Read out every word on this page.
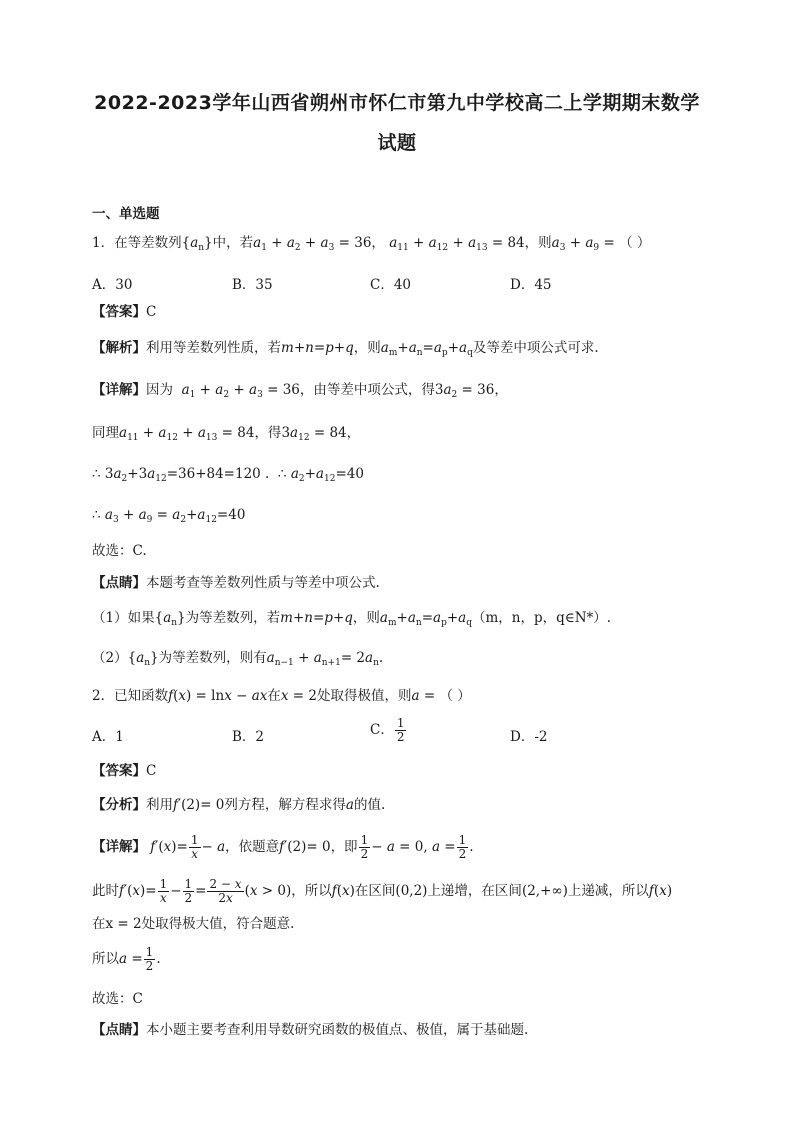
2022-2023学年山西省朔州市怀仁市第九中学校高二上学期期末数学
试题
一、单选题
1．在等差数列$\{a_n\}$中，若$a_1 + a_2 + a_3 = 36$， $a_{11} + a_{12} + a_{13} = 84$，则$a_3 + a_9$ = （ ）
A．30	B．35	C．40	D．45
【答案】C
【解析】利用等差数列性质，若m+n=p+q，则$a_m+a_n=a_p+a_q$及等差中项公式可求.
【详解】因为 $a_1 + a_2 + a_3 = 36$，由等差中项公式，得$3a_2 = 36$，
同理$a_{11} + a_{12} + a_{13} = 84$，得$3a_{12} = 84$，
∴ $3a_2+3a_{12}=36+84=120$ .  ∴ $a_2+a_{12}=40$
∴ $a_3 + a_9 = a_2+a_{12}=40$
故选：C.
【点睛】本题考查等差数列性质与等差中项公式.
（1）如果$\{a_n\}$为等差数列，若m+n=p+q，则$a_m+a_n=a_p+a_q(m$，n，p，q∈N*）.
$(2)\{a_n\}$为等差数列，则有$a_{n-1} + a_{n+1}= 2a_n$.
2．已知函数f(x) = lnx − ax在x = 2处取得极值，则a = （ ）
A．1	B．2	C． $\frac{1}{2}$	D．-2
【答案】C
【分析】利用f′(2)= 0列方程，解方程求得a的值.
【详解】 $f'(x)= \frac{1}{x} - a$，依题意f′(2)= 0，即 $\frac{1}{2} - a = 0$, $a = \frac{1}{2}$ .
此时$f'(x)= \frac{1}{x} - \frac{1}{2} = \frac{2 - x}{2x} (x > 0)$，所以f(x)在区间(0,2)上递增，在区间(2,+∞)上递减，所以f(x)
在x = 2处取得极大值，符合题意.
所以$a = \frac{1}{2}$ .
故选：C
【点睛】本小题主要考查利用导数研究函数的极值点、极值，属于基础题.
